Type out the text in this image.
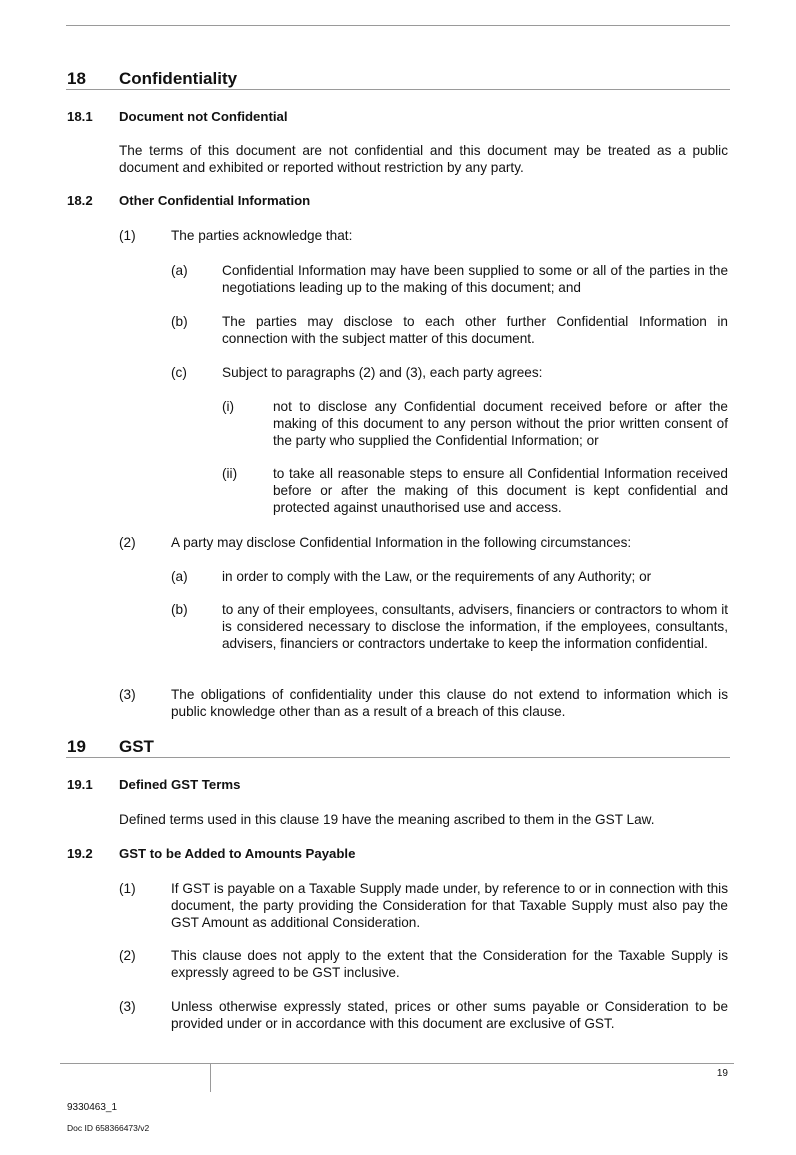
18 Confidentiality
18.1 Document not Confidential
The terms of this document are not confidential and this document may be treated as a public document and exhibited or reported without restriction by any party.
18.2 Other Confidential Information
(1)	The parties acknowledge that:
(a)	Confidential Information may have been supplied to some or all of the parties in the negotiations leading up to the making of this document; and
(b)	The parties may disclose to each other further Confidential Information in connection with the subject matter of this document.
(c)	Subject to paragraphs (2) and (3), each party agrees:
(i)	not to disclose any Confidential document received before or after the making of this document to any person without the prior written consent of the party who supplied the Confidential Information; or
(ii)	to take all reasonable steps to ensure all Confidential Information received before or after the making of this document is kept confidential and protected against unauthorised use and access.
(2)	A party may disclose Confidential Information in the following circumstances:
(a)	in order to comply with the Law, or the requirements of any Authority; or
(b)	to any of their employees, consultants, advisers, financiers or contractors to whom it is considered necessary to disclose the information, if the employees, consultants, advisers, financiers or contractors undertake to keep the information confidential.
(3)	The obligations of confidentiality under this clause do not extend to information which is public knowledge other than as a result of a breach of this clause.
19 GST
19.1 Defined GST Terms
Defined terms used in this clause 19 have the meaning ascribed to them in the GST Law.
19.2 GST to be Added to Amounts Payable
(1)	If GST is payable on a Taxable Supply made under, by reference to or in connection with this document, the party providing the Consideration for that Taxable Supply must also pay the GST Amount as additional Consideration.
(2)	This clause does not apply to the extent that the Consideration for the Taxable Supply is expressly agreed to be GST inclusive.
(3)	Unless otherwise expressly stated, prices or other sums payable or Consideration to be provided under or in accordance with this document are exclusive of GST.
19
9330463_1
Doc ID 658366473/v2
